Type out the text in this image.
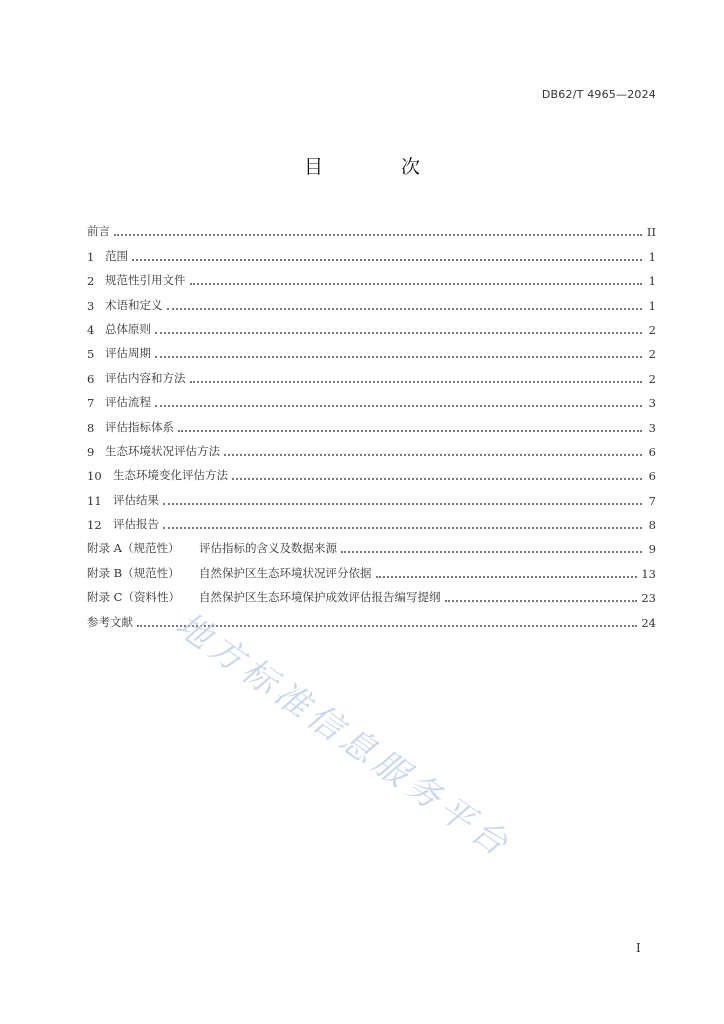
DB62/T 4965—2024
目 次
前言	II
1 范围	1
2 规范性引用文件	1
3 术语和定义	1
4 总体原则	2
5 评估周期	2
6 评估内容和方法	2
7 评估流程	3
8 评估指标体系	3
9 生态环境状况评估方法	6
10 生态环境变化评估方法	6
11 评估结果	7
12 评估报告	8
附录 A（规范性）	评估指标的含义及数据来源	9
附录 B（规范性）	自然保护区生态环境状况评分依据	13
附录 C（资料性）	自然保护区生态环境保护成效评估报告编写提纲	23
参考文献	24
地方标准信息服务平台
I
